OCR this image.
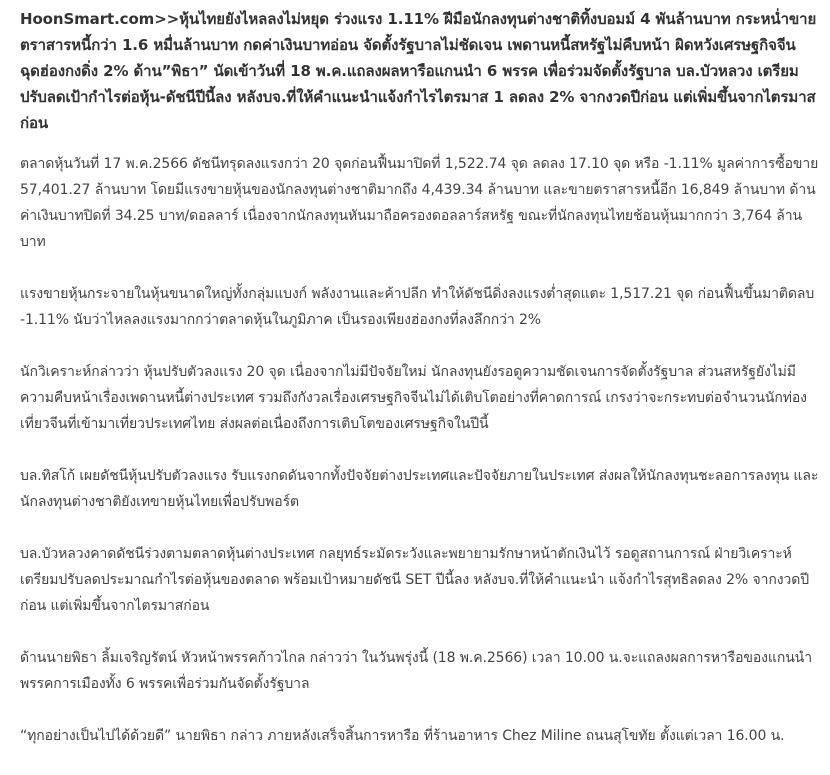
HoonSmart.com>>หุ้นไทยยังไหลลงไม่หยุด ร่วงแรง 1.11% ฝีมือนักลงทุนต่างชาติทิ้งบอมม์ 4 พันล้านบาท กระหน่ำขายตราสารหนี้กว่า 1.6 หมื่นล้านบาท กดค่าเงินบาทอ่อน จัดตั้งรัฐบาลไม่ชัดเจน เพดานหนี้สหรัฐไม่คืบหน้า ผิดหวังเศรษฐกิจจีน ฉุดฮ่องกงดิ่ง 2% ด้าน”พิธา” นัดเข้าวันที่ 18 พ.ค.แถลงผลหารือแกนนำ 6 พรรค เพื่อร่วมจัดตั้งรัฐบาล บล.บัวหลวง เตรียมปรับลดเป้ากำไรต่อหุ้น-ดัชนีปีนี้ลง หลังบจ.ที่ให้คำแนะนำแจ้งกำไรไตรมาส 1 ลดลง 2% จากงวดปีก่อน แต่เพิ่มขึ้นจากไตรมาสก่อน

ตลาดหุ้นวันที่ 17 พ.ค.2566 ดัชนีทรุดลงแรงกว่า 20 จุดก่อนฟื้นมาปิดที่ 1,522.74 จุด ลดลง 17.10 จุด หรือ -1.11% มูลค่าการซื้อขาย 57,401.27 ล้านบาท โดยมีแรงขายหุ้นของนักลงทุนต่างชาติมากถึง 4,439.34 ล้านบาท และขายตราสารหนี้อีก 16,849 ล้านบาท ด้านค่าเงินบาทปิดที่ 34.25 บาท/ดอลลาร์ เนื่องจากนักลงทุนหันมาถือครองดอลลาร์สหรัฐ ขณะที่นักลงทุนไทยช้อนหุ้นมากกว่า 3,764 ล้านบาท

แรงขายหุ้นกระจายในหุ้นขนาดใหญ่ทั้งกลุ่มแบงก์ พลังงานและค้าปลีก ทำให้ดัชนีดิ่งลงแรงต่ำสุดแตะ 1,517.21 จุด ก่อนฟื้นขึ้นมาติดลบ -1.11% นับว่าไหลลงแรงมากกว่าตลาดหุ้นในภูมิภาค เป็นรองเพียงฮ่องกงที่ลงลึกกว่า 2%

นักวิเคราะห์กล่าวว่า หุ้นปรับตัวลงแรง 20 จุด เนื่องจากไม่มีปัจจัยใหม่ นักลงทุนยังรอดูความชัดเจนการจัดตั้งรัฐบาล ส่วนสหรัฐยังไม่มีความคืบหน้าเรื่องเพดานหนี้ต่างประเทศ รวมถึงกังวลเรื่องเศรษฐกิจจีนไม่ได้เติบโตอย่างที่คาดการณ์ เกรงว่าจะกระทบต่อจำนวนนักท่องเที่ยวจีนที่เข้ามาเที่ยวประเทศไทย ส่งผลต่อเนื่องถึงการเติบโตของเศรษฐกิจในปีนี้

บล.ทิสโก้ เผยดัชนีหุ้นปรับตัวลงแรง รับแรงกดดันจากทั้งปัจจัยต่างประเทศและปัจจัยภายในประเทศ ส่งผลให้นักลงทุนชะลอการลงทุน และนักลงทุนต่างชาติยังเทขายหุ้นไทยเพื่อปรับพอร์ต

บล.บัวหลวงคาดดัชนีร่วงตามตลาดหุ้นต่างประเทศ กลยุทธ์ระมัดระวังและพยายามรักษาหน้าตักเงินไว้ รอดูสถานการณ์ ฝ่ายวิเคราะห์เตรียมปรับลดประมาณกำไรต่อหุ้นของตลาด พร้อมเป้าหมายดัชนี SET ปีนี้ลง หลังบจ.ที่ให้คำแนะนำ แจ้งกำไรสุทธิลดลง 2% จากงวดปีก่อน แต่เพิ่มขึ้นจากไตรมาสก่อน

ด้านนายพิธา ลิ้มเจริญรัตน์ หัวหน้าพรรคก้าวไกล กล่าวว่า ในวันพรุ่งนี้ (18 พ.ค.2566) เวลา 10.00 น.จะแถลงผลการหารือของแกนนำพรรคการเมืองทั้ง 6 พรรคเพื่อร่วมกันจัดตั้งรัฐบาล

“ทุกอย่างเป็นไปได้ด้วยดี” นายพิธา กล่าว ภายหลังเสร็จสิ้นการหารือ ที่ร้านอาหาร Chez Miline ถนนสุโขทัย ตั้งแต่เวลา 16.00 น.
